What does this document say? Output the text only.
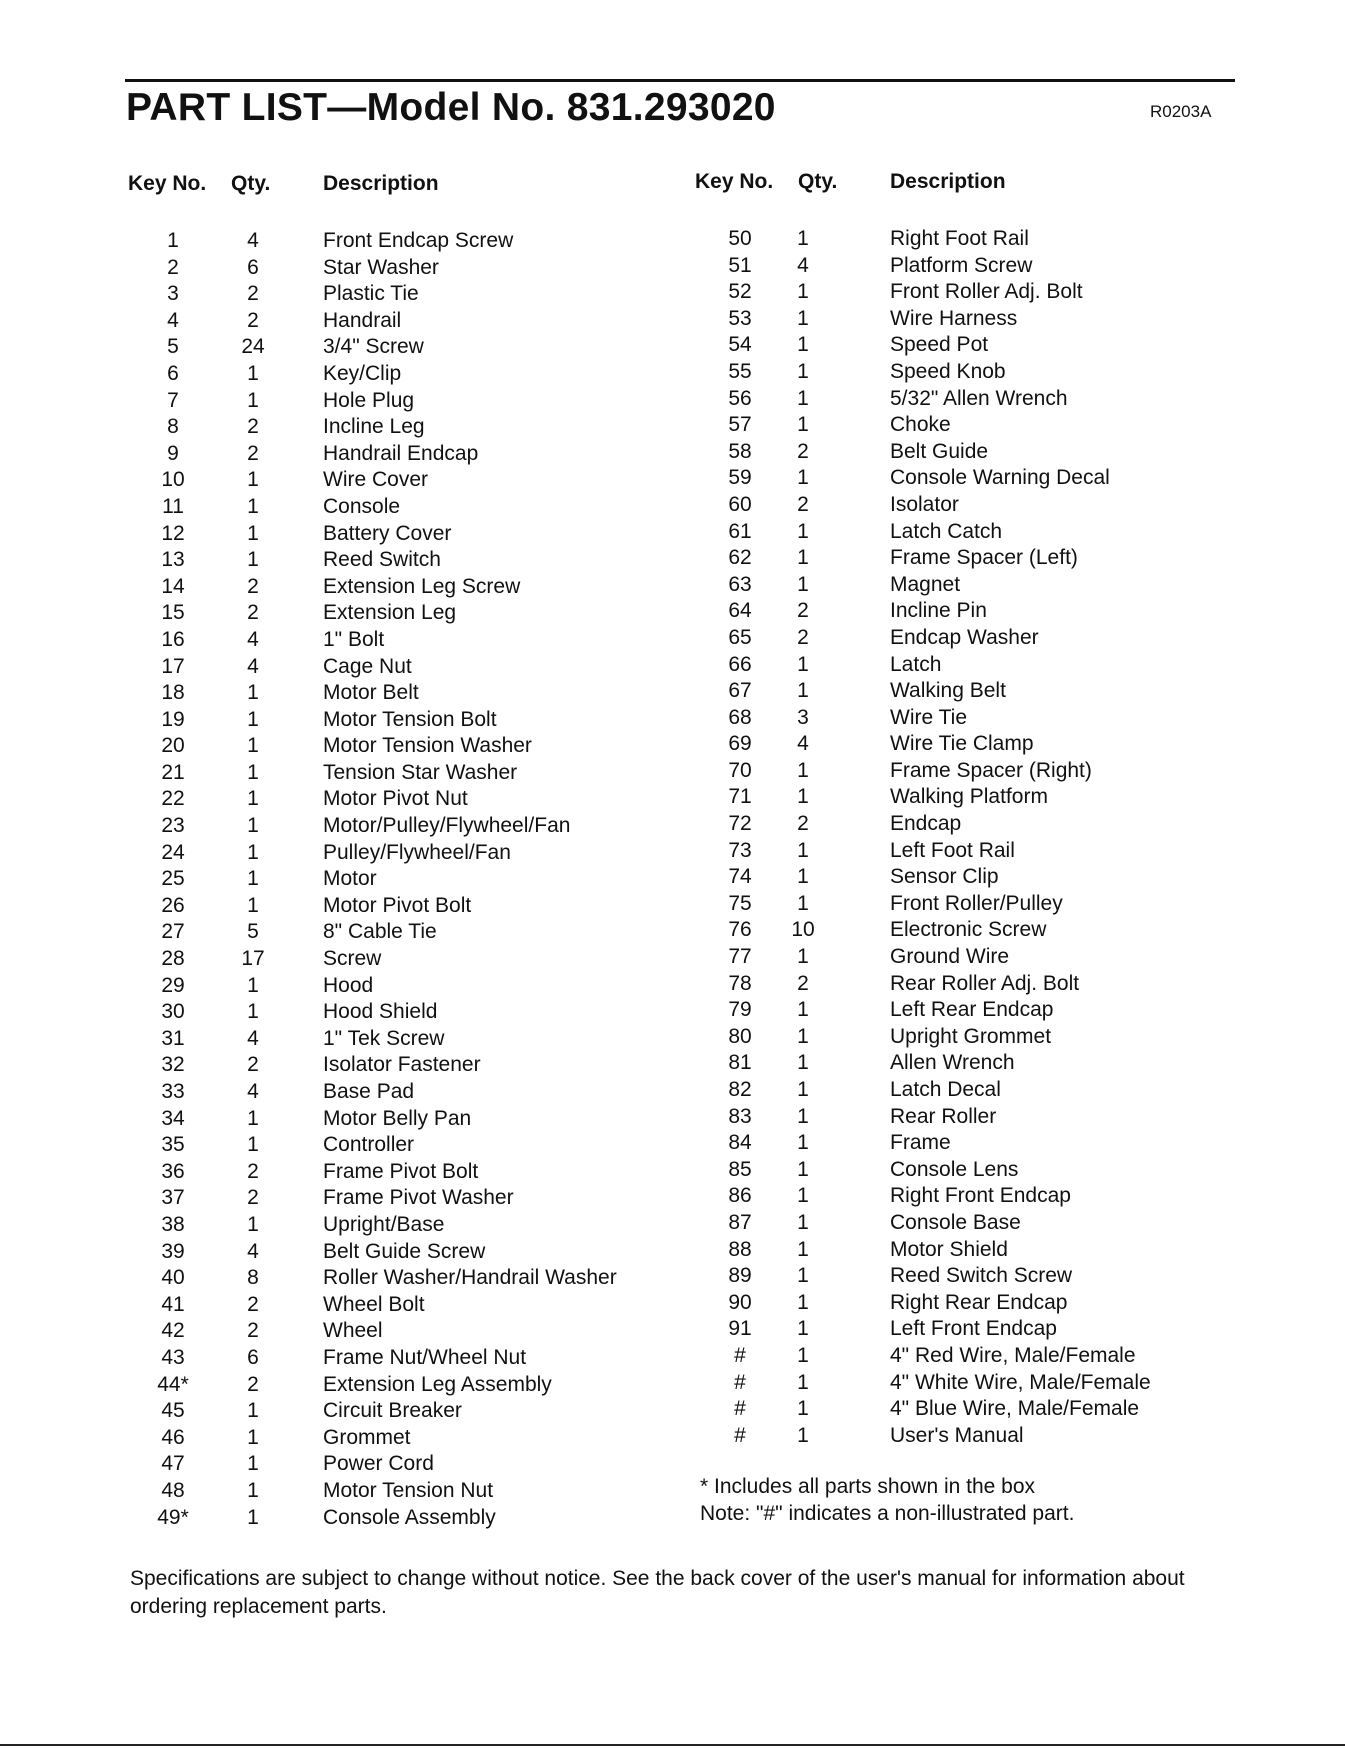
PART LIST—Model No. 831.293020	R0203A
Key No. Qty.	Description	Key No. Qty.	Description
1	4	Front Endcap Screw
2	6	Star Washer
3	2	Plastic Tie
4	2	Handrail
5	24	3/4" Screw
6	1	Key/Clip
7	1	Hole Plug
8	2	Incline Leg
9	2	Handrail Endcap
10	1	Wire Cover
11	1	Console
12	1	Battery Cover
13	1	Reed Switch
14	2	Extension Leg Screw
15	2	Extension Leg
16	4	1" Bolt
17	4	Cage Nut
18	1	Motor Belt
19	1	Motor Tension Bolt
20	1	Motor Tension Washer
21	1	Tension Star Washer
22	1	Motor Pivot Nut
23	1	Motor/Pulley/Flywheel/Fan
24	1	Pulley/Flywheel/Fan
25	1	Motor
26	1	Motor Pivot Bolt
27	5	8" Cable Tie
28	17	Screw
29	1	Hood
30	1	Hood Shield
31	4	1" Tek Screw
32	2	Isolator Fastener
33	4	Base Pad
34	1	Motor Belly Pan
35	1	Controller
36	2	Frame Pivot Bolt
37	2	Frame Pivot Washer
38	1	Upright/Base
39	4	Belt Guide Screw
40	8	Roller Washer/Handrail Washer
41	2	Wheel Bolt
42	2	Wheel
43	6	Frame Nut/Wheel Nut
44*	2	Extension Leg Assembly
45	1	Circuit Breaker
46	1	Grommet
47	1	Power Cord
48	1	Motor Tension Nut
49*	1	Console Assembly
50	1	Right Foot Rail
51	4	Platform Screw
52	1	Front Roller Adj. Bolt
53	1	Wire Harness
54	1	Speed Pot
55	1	Speed Knob
56	1	5/32" Allen Wrench
57	1	Choke
58	2	Belt Guide
59	1	Console Warning Decal
60	2	Isolator
61	1	Latch Catch
62	1	Frame Spacer (Left)
63	1	Magnet
64	2	Incline Pin
65	2	Endcap Washer
66	1	Latch
67	1	Walking Belt
68	3	Wire Tie
69	4	Wire Tie Clamp
70	1	Frame Spacer (Right)
71	1	Walking Platform
72	2	Endcap
73	1	Left Foot Rail
74	1	Sensor Clip
75	1	Front Roller/Pulley
76	10	Electronic Screw
77	1	Ground Wire
78	2	Rear Roller Adj. Bolt
79	1	Left Rear Endcap
80	1	Upright Grommet
81	1	Allen Wrench
82	1	Latch Decal
83	1	Rear Roller
84	1	Frame
85	1	Console Lens
86	1	Right Front Endcap
87	1	Console Base
88	1	Motor Shield
89	1	Reed Switch Screw
90	1	Right Rear Endcap
91	1	Left Front Endcap
#	1	4" Red Wire, Male/Female
#	1	4" White Wire, Male/Female
#	1	4" Blue Wire, Male/Female
#	1	User's Manual
* Includes all parts shown in the box
Note: "#" indicates a non-illustrated part.
Specifications are subject to change without notice. See the back cover of the user's manual for information about ordering replacement parts.
